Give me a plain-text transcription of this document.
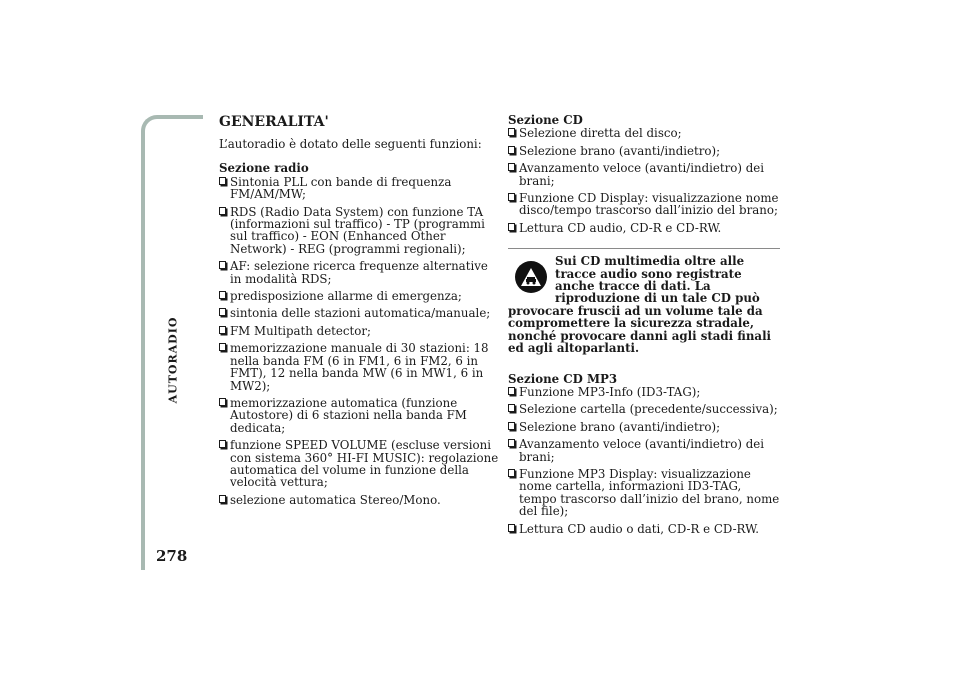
AUTORADIO
278
GENERALITA'

L’autoradio è dotato delle seguenti funzioni:

Sezione radio

Sintonia PLL con bande di frequenza FM/AM/MW;
RDS (Radio Data System) con funzione TA (informazioni sul traffico) - TP (programmi sul traffico) - EON (Enhanced Other Network) - REG (programmi regionali);
AF: selezione ricerca frequenze alternative in modalità RDS;
predisposizione allarme di emergenza;
sintonia delle stazioni automatica/manuale;
FM Multipath detector;
memorizzazione manuale di 30 stazioni: 18 nella banda FM (6 in FM1, 6 in FM2, 6 in FMT), 12 nella banda MW (6 in MW1, 6 in MW2);
memorizzazione automatica (funzione Autostore) di 6 stazioni nella banda FM dedicata;
funzione SPEED VOLUME (escluse versioni con sistema 360° HI-FI MUSIC): regolazione automatica del volume in funzione della velocità vettura;
selezione automatica Stereo/Mono.

Sezione CD

Selezione diretta del disco;
Selezione brano (avanti/indietro);
Avanzamento veloce (avanti/indietro) dei brani;
Funzione CD Display: visualizzazione nome disco/tempo trascorso dall’inizio del brano;
Lettura CD audio, CD-R e CD-RW.
Sui CD multimedia oltre alle tracce audio sono registrate anche tracce di dati. La riproduzione di un tale CD può provocare fruscii ad un volume tale da compromettere la sicurezza stradale, nonché provocare danni agli stadi finali ed agli altoparlanti.

Sezione CD MP3

Funzione MP3-Info (ID3-TAG);
Selezione cartella (precedente/successiva);
Selezione brano (avanti/indietro);
Avanzamento veloce (avanti/indietro) dei brani;
Funzione MP3 Display: visualizzazione nome cartella, informazioni ID3-TAG, tempo trascorso dall’inizio del brano, nome del file);
Lettura CD audio o dati, CD-R e CD-RW.
